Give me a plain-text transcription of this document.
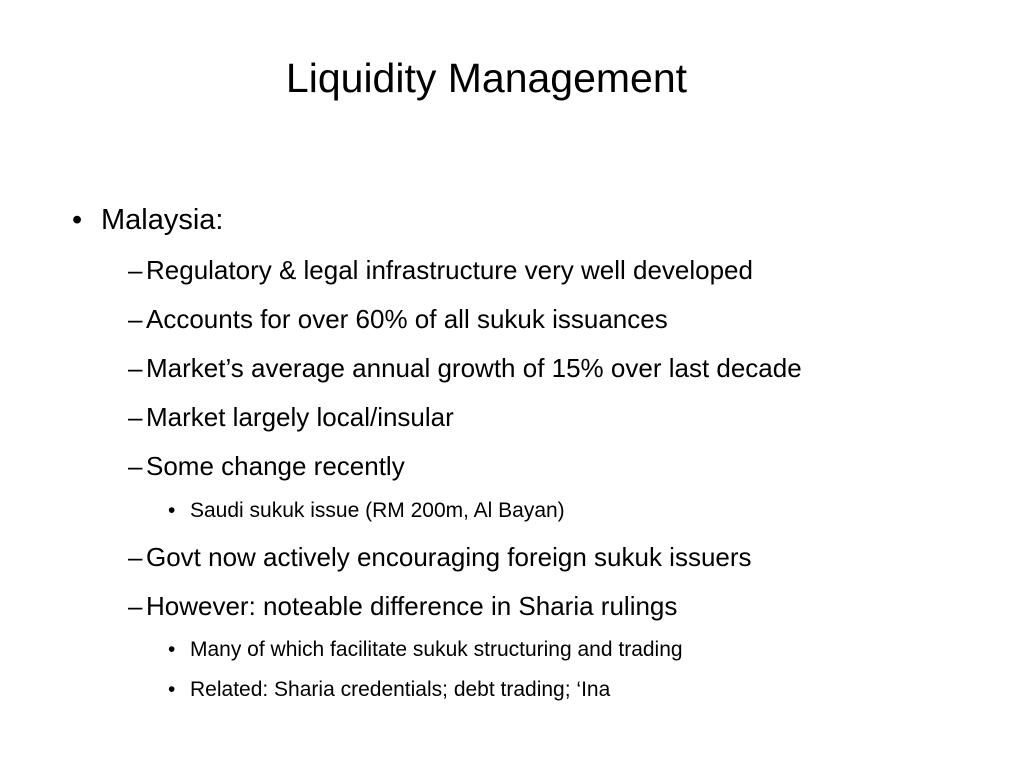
Liquidity Management
• Malaysia:
– Regulatory & legal infrastructure very well developed
– Accounts for over 60% of all sukuk issuances
– Market’s average annual growth of 15% over last decade
– Market largely local/insular
– Some change recently
• Saudi sukuk issue (RM 200m, Al Bayan)
– Govt now actively encouraging foreign sukuk issuers
– However: noteable difference in Sharia rulings
• Many of which facilitate sukuk structuring and trading
• Related: Sharia credentials; debt trading; ‘Ina
